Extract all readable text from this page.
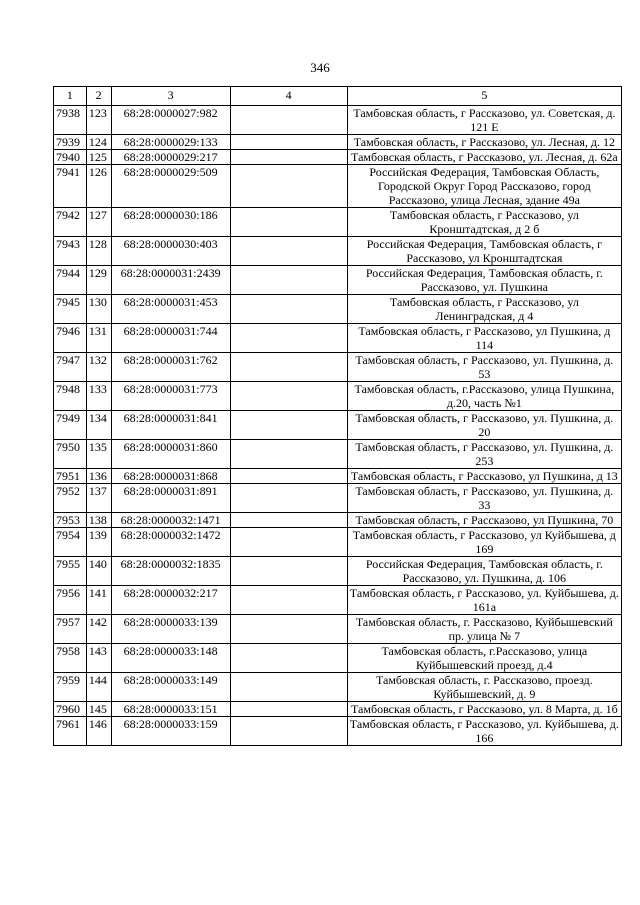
346
1	2	3	4	5
7938	123	68:28:0000027:982		Тамбовская область, г Рассказово, ул. Советская, д. 121 Е
7939	124	68:28:0000029:133		Тамбовская область, г Рассказово, ул. Лесная, д. 12
7940	125	68:28:0000029:217		Тамбовская область, г Рассказово, ул. Лесная, д. 62а
7941	126	68:28:0000029:509		Российская Федерация, Тамбовская Область, Городской Округ Город Рассказово, город Рассказово, улица Лесная, здание 49а
7942	127	68:28:0000030:186		Тамбовская область, г Рассказово, ул Кронштадтская, д 2 б
7943	128	68:28:0000030:403		Российская Федерация, Тамбовская область, г Рассказово, ул Кронштадтская
7944	129	68:28:0000031:2439		Российская Федерация, Тамбовская область, г. Рассказово, ул. Пушкина
7945	130	68:28:0000031:453		Тамбовская область, г Рассказово, ул Ленинградская, д 4
7946	131	68:28:0000031:744		Тамбовская область, г Рассказово, ул Пушкина, д 114
7947	132	68:28:0000031:762		Тамбовская область, г Рассказово, ул. Пушкина, д. 53
7948	133	68:28:0000031:773		Тамбовская область, г.Рассказово, улица Пушкина, д.20, часть №1
7949	134	68:28:0000031:841		Тамбовская область, г Рассказово, ул. Пушкина, д. 20
7950	135	68:28:0000031:860		Тамбовская область, г Рассказово, ул. Пушкина, д. 253
7951	136	68:28:0000031:868		Тамбовская область, г Рассказово, ул Пушкина, д 13
7952	137	68:28:0000031:891		Тамбовская область, г Рассказово, ул. Пушкина, д. 33
7953	138	68:28:0000032:1471		Тамбовская область, г Рассказово, ул Пушкина, 70
7954	139	68:28:0000032:1472		Тамбовская область, г Рассказово, ул Куйбышева, д 169
7955	140	68:28:0000032:1835		Российская Федерация, Тамбовская область, г. Рассказово, ул. Пушкина, д. 106
7956	141	68:28:0000032:217		Тамбовская область, г Рассказово, ул. Куйбышева, д. 161а
7957	142	68:28:0000033:139		Тамбовская область, г. Рассказово, Куйбышевский пр. улица № 7
7958	143	68:28:0000033:148		Тамбовская область, г.Рассказово, улица Куйбышевский проезд, д.4
7959	144	68:28:0000033:149		Тамбовская область, г. Рассказово, проезд. Куйбышевский, д. 9
7960	145	68:28:0000033:151		Тамбовская область, г Рассказово, ул. 8 Марта, д. 1б
7961	146	68:28:0000033:159		Тамбовская область, г Рассказово, ул. Куйбышева, д. 166
